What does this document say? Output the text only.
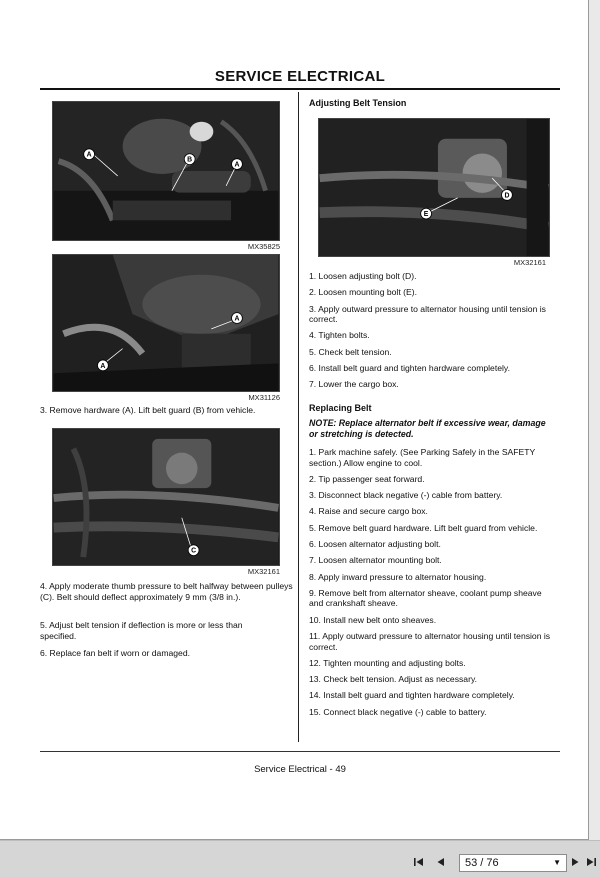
SERVICE ELECTRICAL
A
B
A
MX35825
A
A
MX31126
3. Remove hardware (A). Lift belt guard (B) from vehicle.
C
MX32161
4. Apply moderate thumb pressure to belt halfway between pulleys (C). Belt should deflect approximately 9 mm (3/8 in.).
5. Adjust belt tension if deflection is more or less than specified.
6. Replace fan belt if worn or damaged.
Adjusting Belt Tension
D
E
MX32161
1. Loosen adjusting bolt (D).
2. Loosen mounting bolt (E).
3. Apply outward pressure to alternator housing until tension is correct.
4. Tighten bolts.
5. Check belt tension.
6. Install belt guard and tighten hardware completely.
7. Lower the cargo box.
Replacing Belt
NOTE: Replace alternator belt if excessive wear, damage or stretching is detected.
1. Park machine safely. (See Parking Safely in the SAFETY section.) Allow engine to cool.
2. Tip passenger seat forward.
3. Disconnect black negative (-) cable from battery.
4. Raise and secure cargo box.
5. Remove belt guard hardware. Lift belt guard from vehicle.
6. Loosen alternator adjusting bolt.
7. Loosen alternator mounting bolt.
8. Apply inward pressure to alternator housing.
9. Remove belt from alternator sheave, coolant pump sheave and crankshaft sheave.
10. Install new belt onto sheaves.
11. Apply outward pressure to alternator housing until tension is correct.
12. Tighten mounting and adjusting bolts.
13. Check belt tension. Adjust as necessary.
14. Install belt guard and tighten hardware completely.
15. Connect black negative (-) cable to battery.
Service Electrical - 49
53 / 76	▼
